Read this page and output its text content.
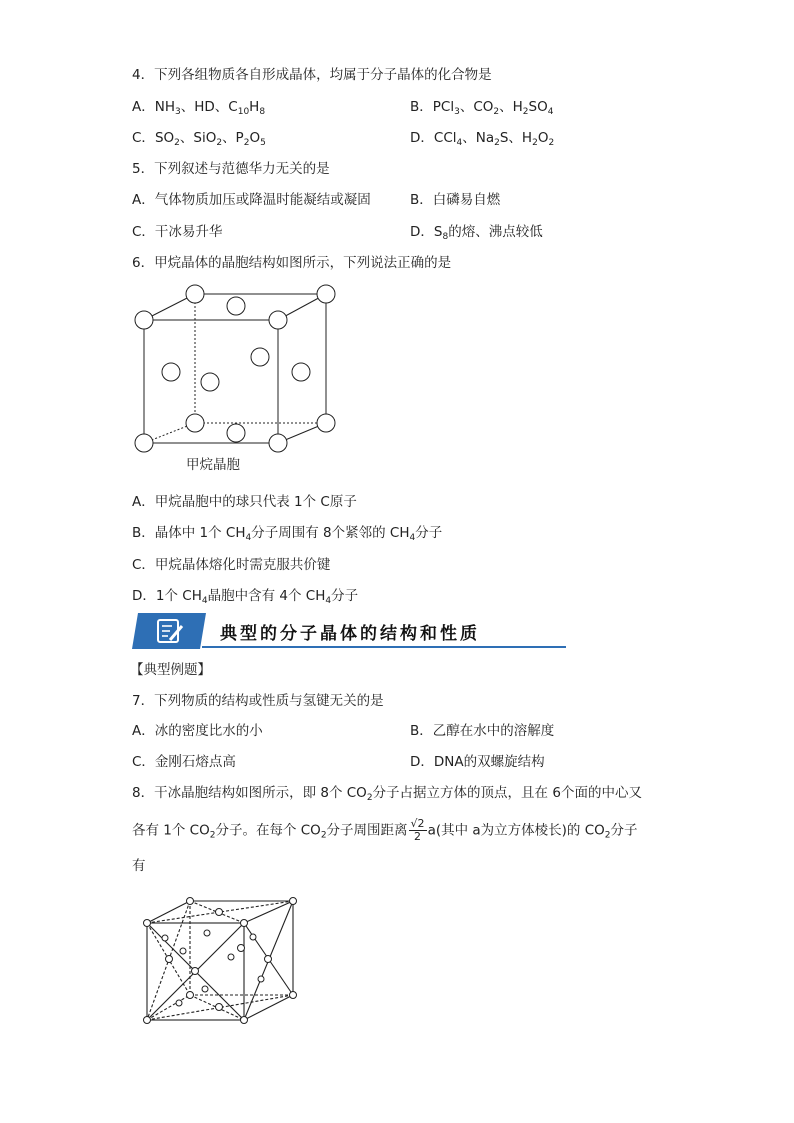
4．下列各组物质各自形成晶体，均属于分子晶体的化合物是
A．$NH_3$、HD、$C_{10}H_8$	B．PCl$_3$、$CO_2$、$H_2SO_4$
C．$SO_2$、SiO$_2$、$P_2O_5$	D．CCl$_4$、$Na_2S$、$H_2O_2$
5．下列叙述与范德华力无关的是
A．气体物质加压或降温时能凝结或凝固	B．白磷易自燃
C．干冰易升华	D．$S_8$的熔、沸点较低
6．甲烷晶体的晶胞结构如图所示，下列说法正确的是
甲烷晶胞
A．甲烷晶胞中的球只代表 1个 C原子
B．晶体中 1个 $CH_4$分子周围有 8个紧邻的 $CH_4$分子
C．甲烷晶体熔化时需克服共价键
D．1个 $CH_4$晶胞中含有 4个 $CH_4$分子
典型的分子晶体的结构和性质
【典型例题】
7．下列物质的结构或性质与氢键无关的是
A．冰的密度比水的小	B．乙醇在水中的溶解度
C．金刚石熔点高	D．DNA的双螺旋结构
8．干冰晶胞结构如图所示，即 8个 $CO_2$分子占据立方体的顶点，且在 6个面的中心又
各有 1个 $CO_2$分子。在每个 $CO_2$分子周围距离 $\frac{√2}{2} a$(其中 a为立方体棱长)的 $CO_2$分子
有
